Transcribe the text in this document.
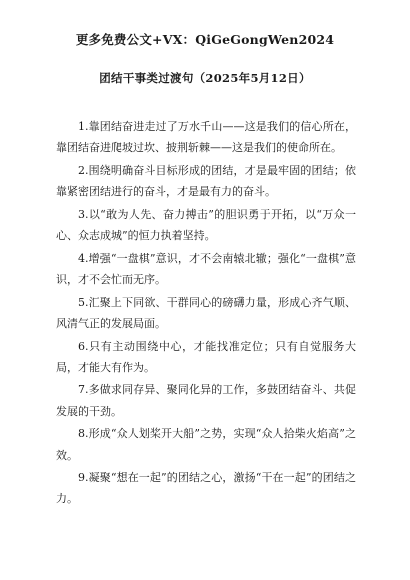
更多免费公文+VX：QiGeGongWen2024
团结干事类过渡句（2025年5月12日）

1.靠团结奋进走过了万水千山——这是我们的信心所在，靠团结奋进爬坡过坎、披荆斩棘——这是我们的使命所在。

2.围绕明确奋斗目标形成的团结，才是最牢固的团结；依靠紧密团结进行的奋斗，才是最有力的奋斗。

3.以“敢为人先、奋力搏击”的胆识勇于开拓，以“万众一心、众志成城”的恒力执着坚持。

4.增强“一盘棋”意识，才不会南辕北辙；强化“一盘棋”意识，才不会忙而无序。

5.汇聚上下同欲、干群同心的磅礴力量，形成心齐气顺、风清气正的发展局面。

6.只有主动围绕中心，才能找准定位；只有自觉服务大局，才能大有作为。

7.多做求同存异、聚同化异的工作，多鼓团结奋斗、共促发展的干劲。

8.形成“众人划桨开大船”之势，实现“众人拾柴火焰高”之效。

9.凝聚“想在一起”的团结之心，激扬“干在一起”的团结之力。
